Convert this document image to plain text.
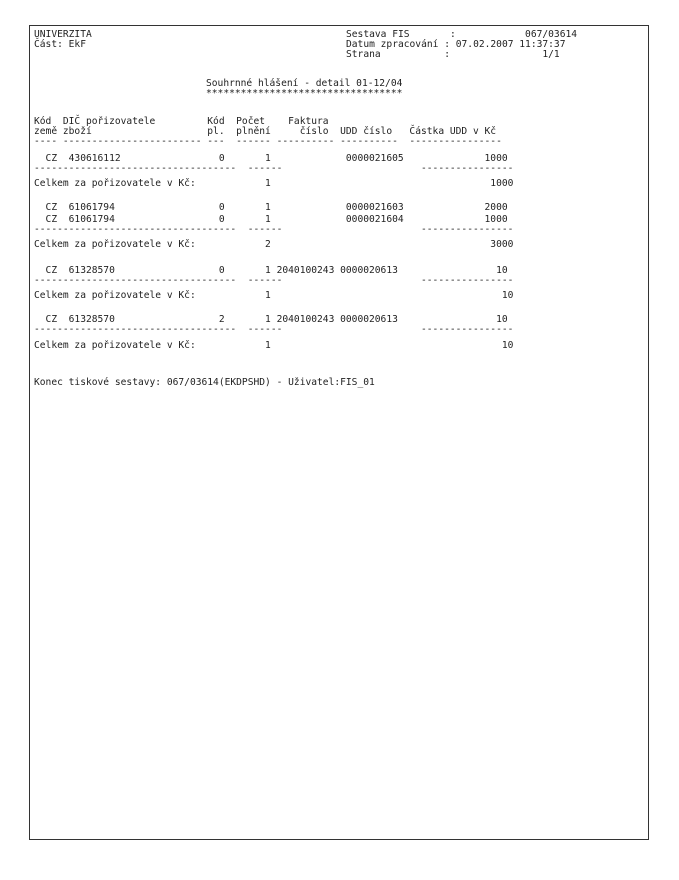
UNIVERZITA
Část: EkF
Sestava FIS       :            067/03614
Datum zpracování : 07.02.2007 11:37:37
Strana           :                1/1
Souhrnné hlášení - detail 01-12/04
**********************************
Kód  DIČ pořizovatele         Kód  Počet    Faktura
země zboží                    pl.  plnění     číslo  UDD číslo   Částka UDD v Kč
---- ------------------------ ---  ------ ---------- ----------  ----------------
CZ  430616112                 0       1             0000021605              1000
-----------------------------------  ------                        ----------------
Celkem za pořizovatele v Kč:            1                                      1000
CZ  61061794                  0       1             0000021603              2000
CZ  61061794                  0       1             0000021604              1000
-----------------------------------  ------                        ----------------
Celkem za pořizovatele v Kč:            2                                      3000
CZ  61328570                  0       1 2040100243 0000020613                 10
-----------------------------------  ------                        ----------------
Celkem za pořizovatele v Kč:            1                                        10
CZ  61328570                  2       1 2040100243 0000020613                 10
-----------------------------------  ------                        ----------------
Celkem za pořizovatele v Kč:            1                                        10
Konec tiskové sestavy: 067/03614(EKDPSHD) - Uživatel:FIS_01
